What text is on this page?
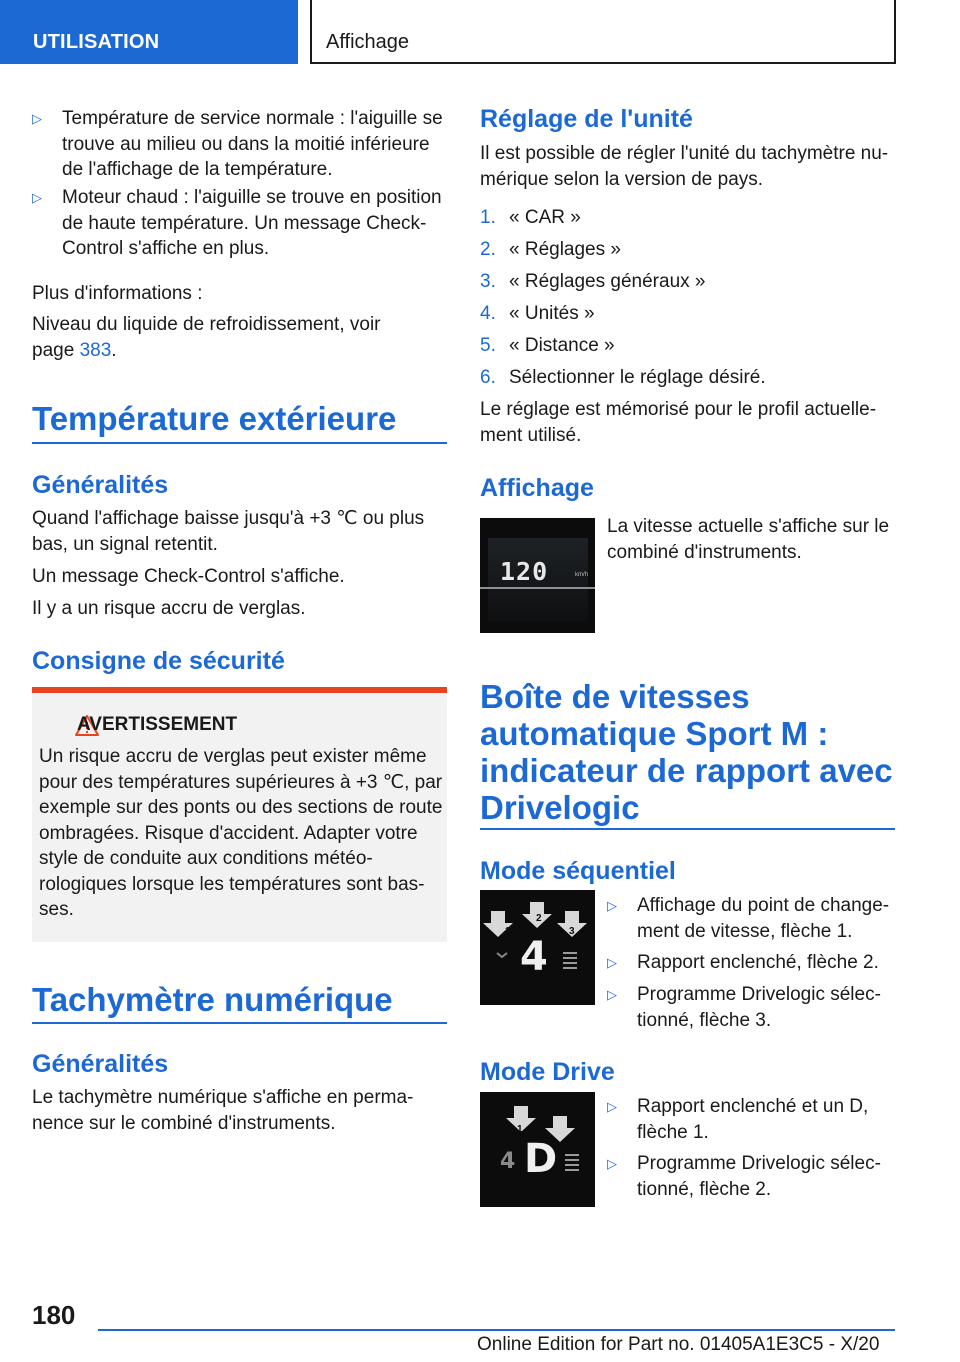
UTILISATION	Affichage
▷ Température de service normale : l'aiguille se trouve au milieu ou dans la moitié inférieure de l'affichage de la température.
▷ Moteur chaud : l'aiguille se trouve en position de haute température. Un message Check-Control s'affiche en plus.

Plus d'informations :

Niveau du liquide de refroidissement, voir page 383.

Température extérieure
Généralités

Quand l'affichage baisse jusqu'à +3 ℃ ou plus bas, un signal retentit.

Un message Check-Control s'affiche.

Il y a un risque accru de verglas.

Consigne de sécurité
AVERTISSEMENT

Un risque accru de verglas peut exister même pour des températures supérieures à +3 ℃, par exemple sur des ponts ou des sections de route ombragées. Risque d'accident. Adapter votre style de conduite aux conditions météo-rologiques lorsque les températures sont bas-ses.

Tachymètre numérique
Généralités

Le tachymètre numérique s'affiche en perma-nence sur le combiné d'instruments.

Réglage de l'unité

Il est possible de régler l'unité du tachymètre nu-mérique selon la version de pays.

1. « CAR »
2. « Réglages »
3. « Réglages généraux »
4. « Unités »
5. « Distance »
6. Sélectionner le réglage désiré.

Le réglage est mémorisé pour le profil actuelle-ment utilisé.

Affichage
120	km/h

La vitesse actuelle s'affiche sur le combiné d'instruments.

Boîte de vitesses automatique Sport M : indicateur de rapport avec Drivelogic
Mode séquentiel
1
2
3
4
▷ Affichage du point de change-ment de vitesse, flèche 1.
▷ Rapport enclenché, flèche 2.
▷ Programme Drivelogic sélec-tionné, flèche 3.
Mode Drive
1
2
4 D
▷ Rapport enclenché et un D, flèche 1.
▷ Programme Drivelogic sélec-tionné, flèche 2.
180
Online Edition for Part no. 01405A1E3C5 - X/20
